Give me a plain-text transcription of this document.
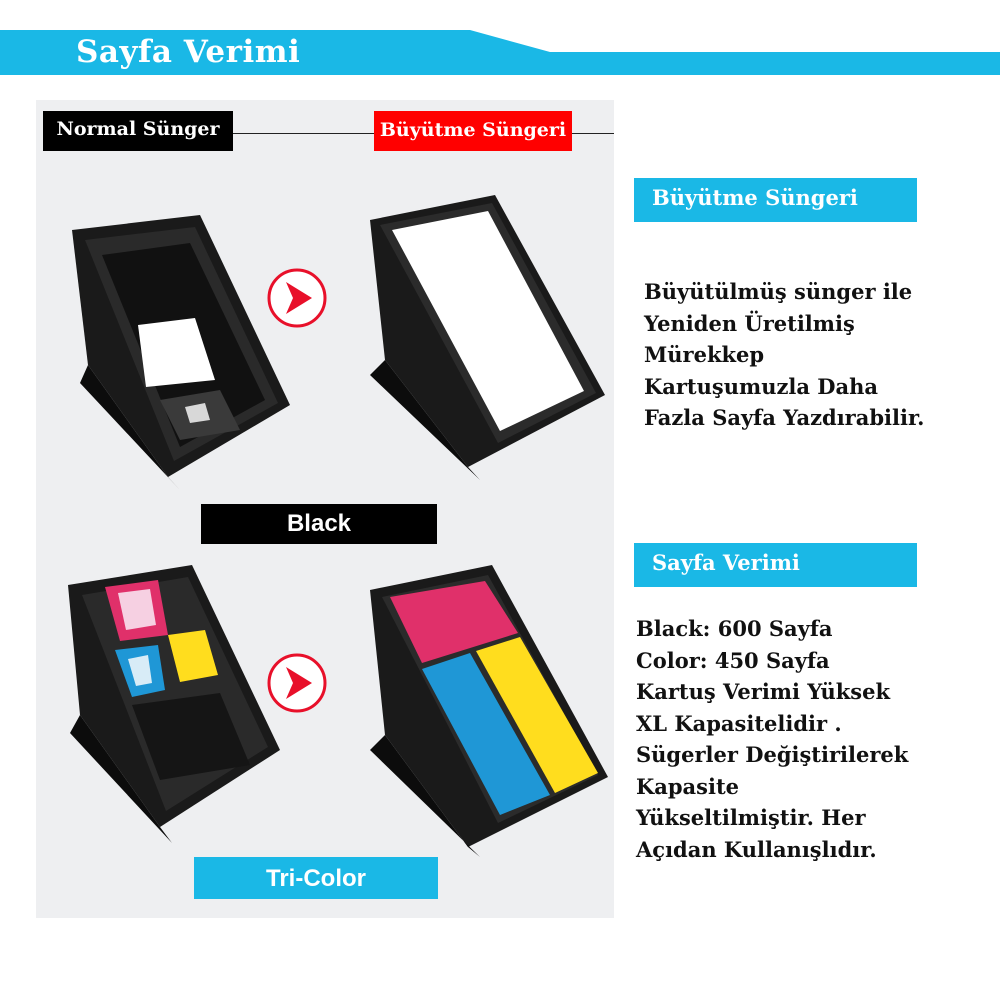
Sayfa Verimi
Normal Sünger	Büyütme Süngeri
Black
Tri-Color
Büyütme Süngeri
Büyütülmüş sünger ile
Yeniden Üretilmiş
Mürekkep
Kartuşumuzla Daha
Fazla Sayfa Yazdırabilir.
Sayfa Verimi
Black: 600 Sayfa
Color: 450 Sayfa
Kartuş Verimi Yüksek
XL Kapasitelidir .
Sügerler Değiştirilerek
Kapasite
Yükseltilmiştir. Her
Açıdan Kullanışlıdır.
